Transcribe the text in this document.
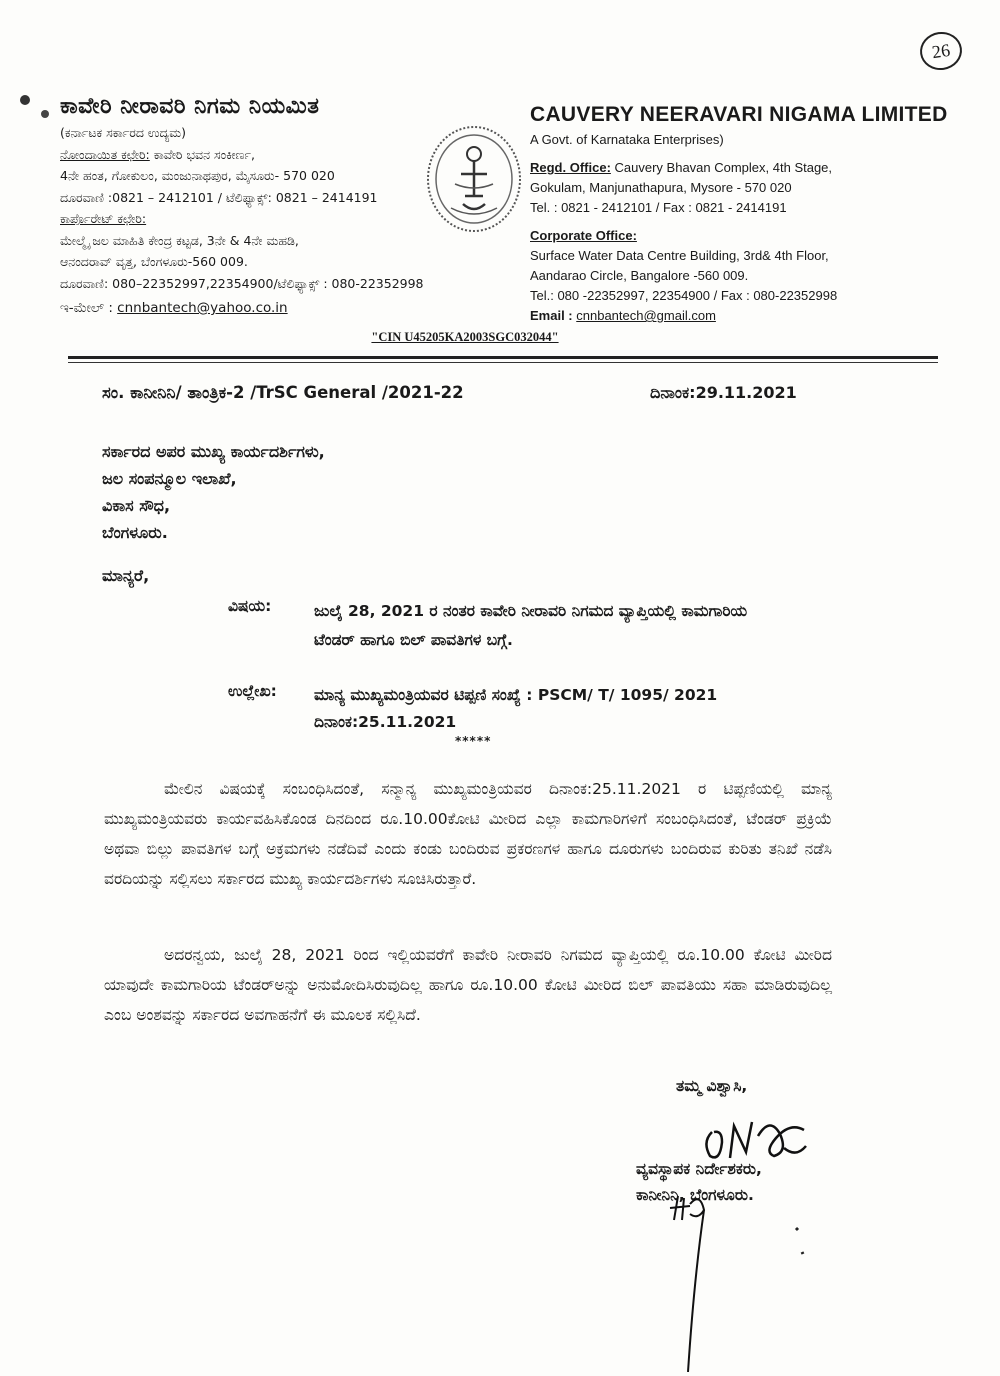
26
ಕಾವೇರಿ ನೀರಾವರಿ ನಿಗಮ ನಿಯಮಿತ
(ಕರ್ನಾಟಕ ಸರ್ಕಾರದ ಉದ್ಯಮ)
ನೋಂದಾಯಿತ ಕಛೇರಿ: ಕಾವೇರಿ ಭವನ ಸಂಕೀರ್ಣ,
4ನೇ ಹಂತ, ಗೋಕುಲಂ, ಮಂಜುನಾಥಪುರ, ಮೈಸೂರು- 570 020
ದೂರವಾಣಿ :0821 – 2412101 / ಟೆಲಿಫ್ಯಾಕ್ಸ್: 0821 – 2414191
ಕಾರ್ಪೊರೇಟ್ ಕಛೇರಿ:
ಮೇಲ್ಮೈ ಜಲ ಮಾಹಿತಿ ಕೇಂದ್ರ ಕಟ್ಟಡ, 3ನೇ & 4ನೇ ಮಹಡಿ,
ಆನಂದರಾವ್ ವೃತ್ತ, ಬೆಂಗಳೂರು-560 009.
ದೂರವಾಣಿ: 080–22352997,22354900/ಟೆಲಿಫ್ಯಾಕ್ಸ್ : 080-22352998
ಇ-ಮೇಲ್ : cnnbantech@yahoo.co.in
CAUVERY NEERAVARI NIGAMA LIMITED
A Govt. of Karnataka Enterprises)
Regd. Office: Cauvery Bhavan Complex, 4th Stage,
Gokulam, Manjunathapura, Mysore - 570 020
Tel. : 0821 - 2412101 / Fax : 0821 - 2414191
Corporate Office:
Surface Water Data Centre Building, 3rd& 4th Floor,
Aandarao Circle, Bangalore -560 009.
Tel.: 080 -22352997, 22354900 / Fax : 080-22352998
Email : cnnbantech@gmail.com
"CIN U45205KA2003SGC032044"
ಸಂ. ಕಾನೀನಿನಿ/ ತಾಂತ್ರಿಕ-2 /TrSC General /2021-22	ದಿನಾಂಕ:29.11.2021
ಸರ್ಕಾರದ ಅಪರ ಮುಖ್ಯ ಕಾರ್ಯದರ್ಶಿಗಳು,
ಜಲ ಸಂಪನ್ಮೂಲ ಇಲಾಖೆ,
ವಿಕಾಸ ಸೌಧ,
ಬೆಂಗಳೂರು.
ಮಾನ್ಯರೆ,
ವಿಷಯ:	ಜುಲೈ 28, 2021 ರ ನಂತರ ಕಾವೇರಿ ನೀರಾವರಿ ನಿಗಮದ ವ್ಯಾಪ್ತಿಯಲ್ಲಿ ಕಾಮಗಾರಿಯ ಟೆಂಡರ್ ಹಾಗೂ ಬಿಲ್ ಪಾವತಿಗಳ ಬಗ್ಗೆ.
ಉಲ್ಲೇಖ: ಮಾನ್ಯ ಮುಖ್ಯಮಂತ್ರಿಯವರ ಟಿಪ್ಪಣಿ ಸಂಖ್ಯೆ : PSCM/ T/ 1095/ 2021 ದಿನಾಂಕ:25.11.2021
*****
ಮೇಲಿನ ವಿಷಯಕ್ಕೆ ಸಂಬಂಧಿಸಿದಂತೆ, ಸನ್ಮಾನ್ಯ ಮುಖ್ಯಮಂತ್ರಿಯವರ ದಿನಾಂಕ:25.11.2021 ರ ಟಿಪ್ಪಣಿಯಲ್ಲಿ ಮಾನ್ಯ ಮುಖ್ಯಮಂತ್ರಿಯವರು ಕಾರ್ಯವಹಿಸಿಕೊಂಡ ದಿನದಿಂದ ರೂ.10.00ಕೋಟಿ ಮೀರಿದ ಎಲ್ಲಾ ಕಾಮಗಾರಿಗಳಿಗೆ ಸಂಬಂಧಿಸಿದಂತೆ, ಟೆಂಡರ್ ಪ್ರಕ್ರಿಯೆ ಅಥವಾ ಬಿಲ್ಲು ಪಾವತಿಗಳ ಬಗ್ಗೆ ಅಕ್ರಮಗಳು ನಡೆದಿವೆ ಎಂದು ಕಂಡು ಬಂದಿರುವ ಪ್ರಕರಣಗಳ ಹಾಗೂ ದೂರುಗಳು ಬಂದಿರುವ ಕುರಿತು ತನಿಖೆ ನಡೆಸಿ ವರದಿಯನ್ನು ಸಲ್ಲಿಸಲು ಸರ್ಕಾರದ ಮುಖ್ಯ ಕಾರ್ಯದರ್ಶಿಗಳು ಸೂಚಿಸಿರುತ್ತಾರೆ.
ಅದರನ್ವಯ, ಜುಲೈ 28, 2021 ರಿಂದ ಇಲ್ಲಿಯವರೆಗೆ ಕಾವೇರಿ ನೀರಾವರಿ ನಿಗಮದ ವ್ಯಾಪ್ತಿಯಲ್ಲಿ ರೂ.10.00 ಕೋಟಿ ಮೀರಿದ ಯಾವುದೇ ಕಾಮಗಾರಿಯ ಟೆಂಡರ್‌ಅನ್ನು ಅನುಮೋದಿಸಿರುವುದಿಲ್ಲ ಹಾಗೂ ರೂ.10.00 ಕೋಟಿ ಮೀರಿದ ಬಿಲ್ ಪಾವತಿಯು ಸಹಾ ಮಾಡಿರುವುದಿಲ್ಲ ಎಂಬ ಅಂಶವನ್ನು ಸರ್ಕಾರದ ಅವಗಾಹನೆಗೆ ಈ ಮೂಲಕ ಸಲ್ಲಿಸಿದೆ.
ತಮ್ಮ ವಿಶ್ವಾಸಿ,
ವ್ಯವಸ್ಥಾಪಕ ನಿರ್ದೇಶಕರು,
ಕಾನೀನಿನಿ, ಬೆಂಗಳೂರು.
